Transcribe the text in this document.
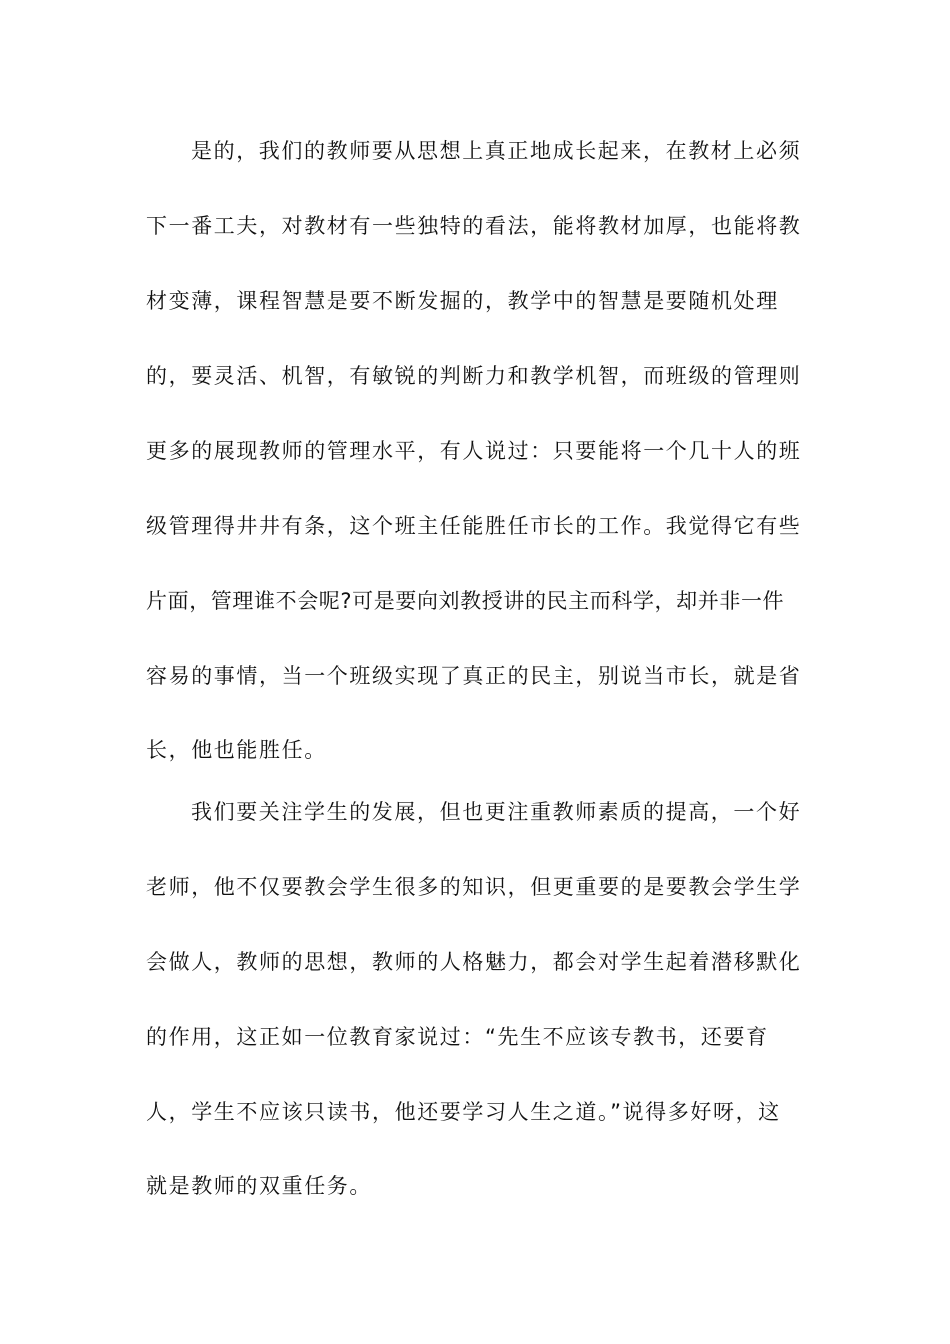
是的，我们的教师要从思想上真正地成长起来，在教材上必须
下一番工夫，对教材有一些独特的看法，能将教材加厚，也能将教
材变薄，课程智慧是要不断发掘的，教学中的智慧是要随机处理
的，要灵活、机智，有敏锐的判断力和教学机智，而班级的管理则
更多的展现教师的管理水平，有人说过：只要能将一个几十人的班
级管理得井井有条，这个班主任能胜任市长的工作。我觉得它有些
片面，管理谁不会呢?可是要向刘教授讲的民主而科学，却并非一件
容易的事情，当一个班级实现了真正的民主，别说当市长，就是省
长，他也能胜任。
我们要关注学生的发展，但也更注重教师素质的提高，一个好
老师，他不仅要教会学生很多的知识，但更重要的是要教会学生学
会做人，教师的思想，教师的人格魅力，都会对学生起着潜移默化
的作用，这正如一位教育家说过：“先生不应该专教书，还要育
人，学生不应该只读书，他还要学习人生之道。”说得多好呀，这
就是教师的双重任务。
